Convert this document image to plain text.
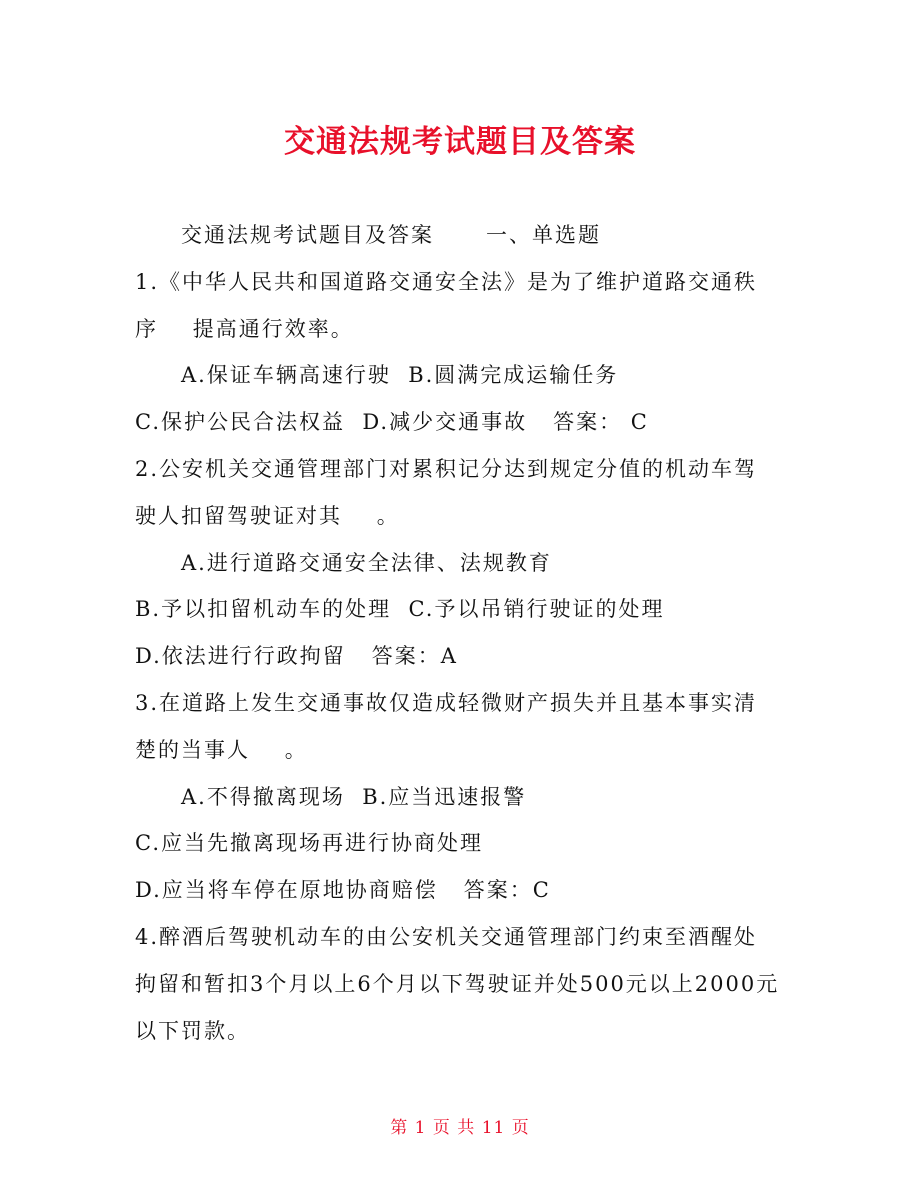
交通法规考试题目及答案

交通法规考试题目及答案      一、单选题

1.《中华人民共和国道路交通安全法》是为了维护道路交通秩

序    提高通行效率。

A.保证车辆高速行驶  B.圆满完成运输任务

C.保护公民合法权益  D.减少交通事故   答案： C

2.公安机关交通管理部门对累积记分达到规定分值的机动车驾

驶人扣留驾驶证对其    。

A.进行道路交通安全法律、法规教育

B.予以扣留机动车的处理  C.予以吊销行驶证的处理

D.依法进行行政拘留   答案：A

3.在道路上发生交通事故仅造成轻微财产损失并且基本事实清

楚的当事人    。

A.不得撤离现场  B.应当迅速报警

C.应当先撤离现场再进行协商处理

D.应当将车停在原地协商赔偿   答案：C

4.醉酒后驾驶机动车的由公安机关交通管理部门约束至酒醒处

拘留和暂扣3个月以上6个月以下驾驶证并处500元以上2000元

以下罚款。

第 1 页 共 11 页
